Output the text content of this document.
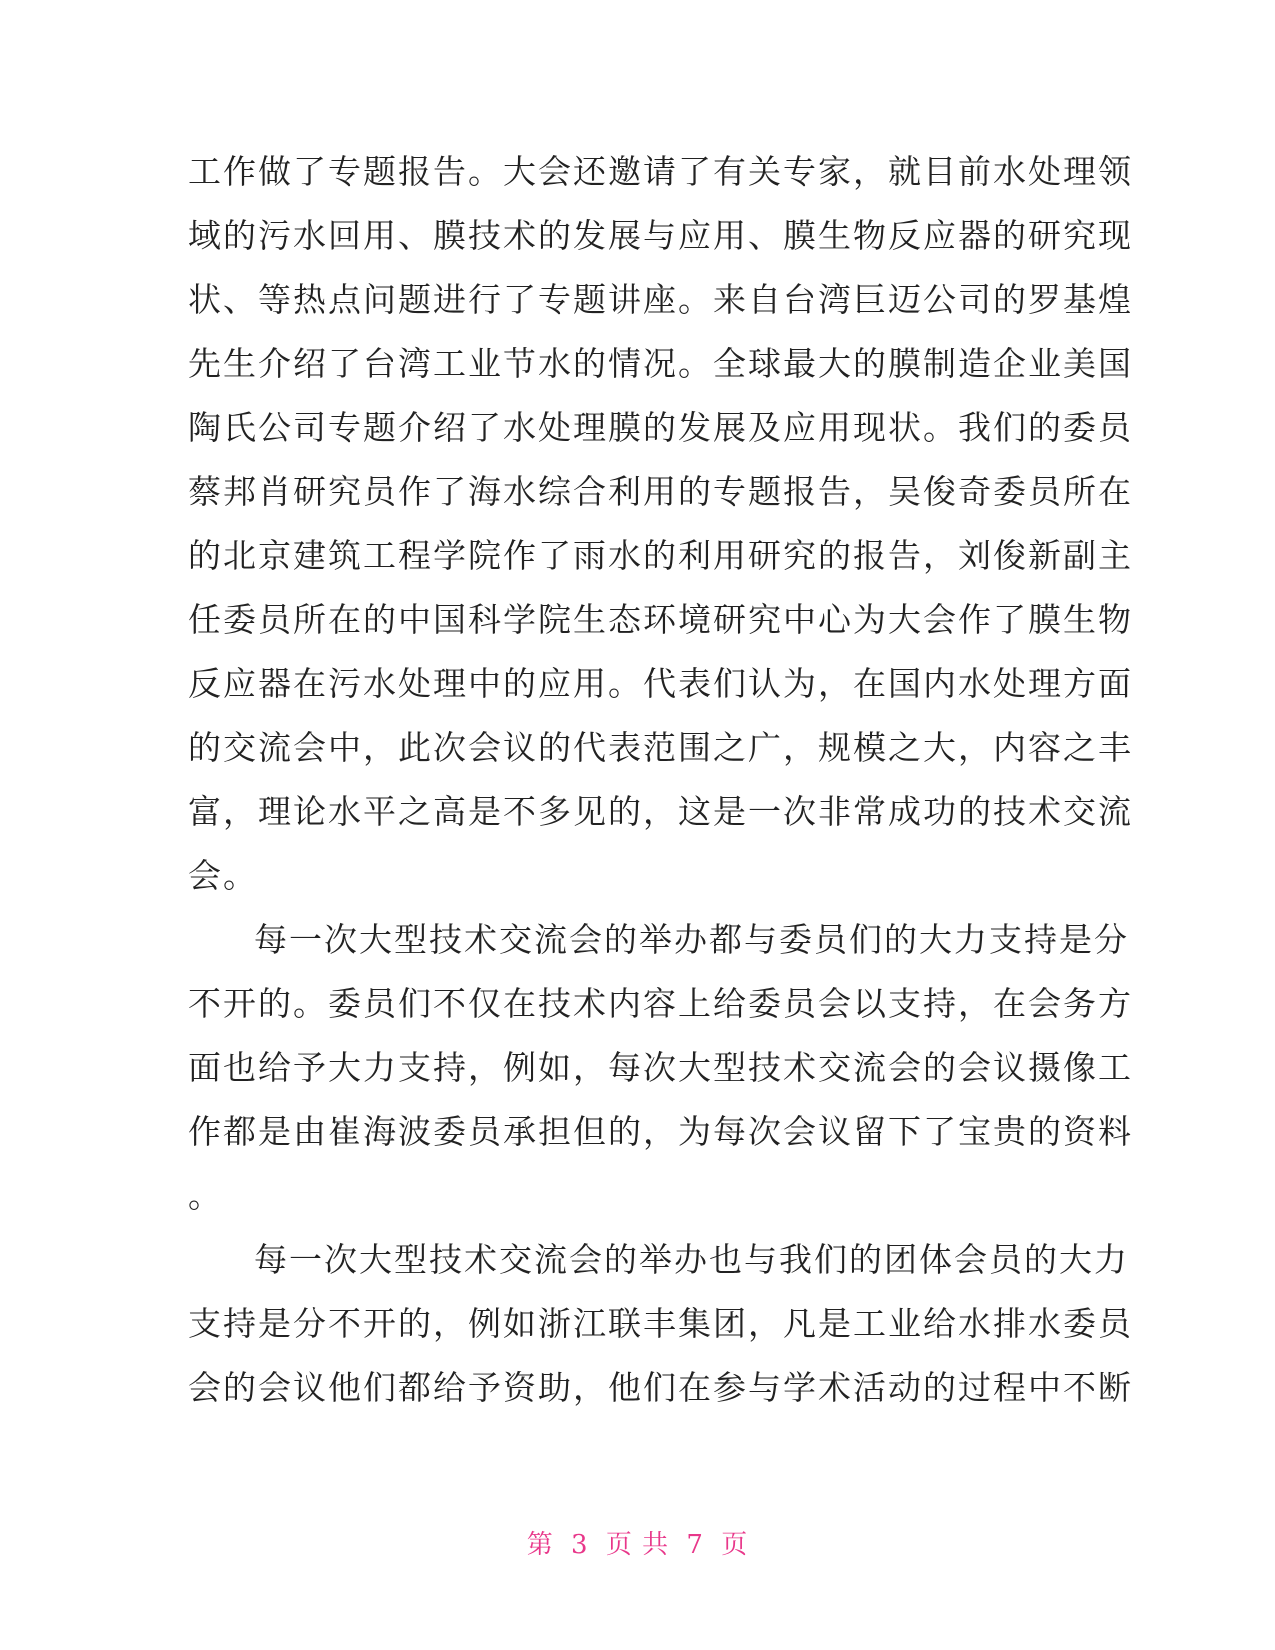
工作做了专题报告。大会还邀请了有关专家，就目前水处理领
域的污水回用、膜技术的发展与应用、膜生物反应器的研究现
状、等热点问题进行了专题讲座。来自台湾巨迈公司的罗基煌
先生介绍了台湾工业节水的情况。全球最大的膜制造企业美国
陶氏公司专题介绍了水处理膜的发展及应用现状。我们的委员
蔡邦肖研究员作了海水综合利用的专题报告，吴俊奇委员所在
的北京建筑工程学院作了雨水的利用研究的报告，刘俊新副主
任委员所在的中国科学院生态环境研究中心为大会作了膜生物
反应器在污水处理中的应用。代表们认为，在国内水处理方面
的交流会中，此次会议的代表范围之广，规模之大，内容之丰
富，理论水平之高是不多见的，这是一次非常成功的技术交流
会。
每一次大型技术交流会的举办都与委员们的大力支持是分
不开的。委员们不仅在技术内容上给委员会以支持，在会务方
面也给予大力支持，例如，每次大型技术交流会的会议摄像工
作都是由崔海波委员承担但的，为每次会议留下了宝贵的资料
。
每一次大型技术交流会的举办也与我们的团体会员的大力
支持是分不开的，例如浙江联丰集团，凡是工业给水排水委员
会的会议他们都给予资助，他们在参与学术活动的过程中不断
第 3 页 共 7 页
